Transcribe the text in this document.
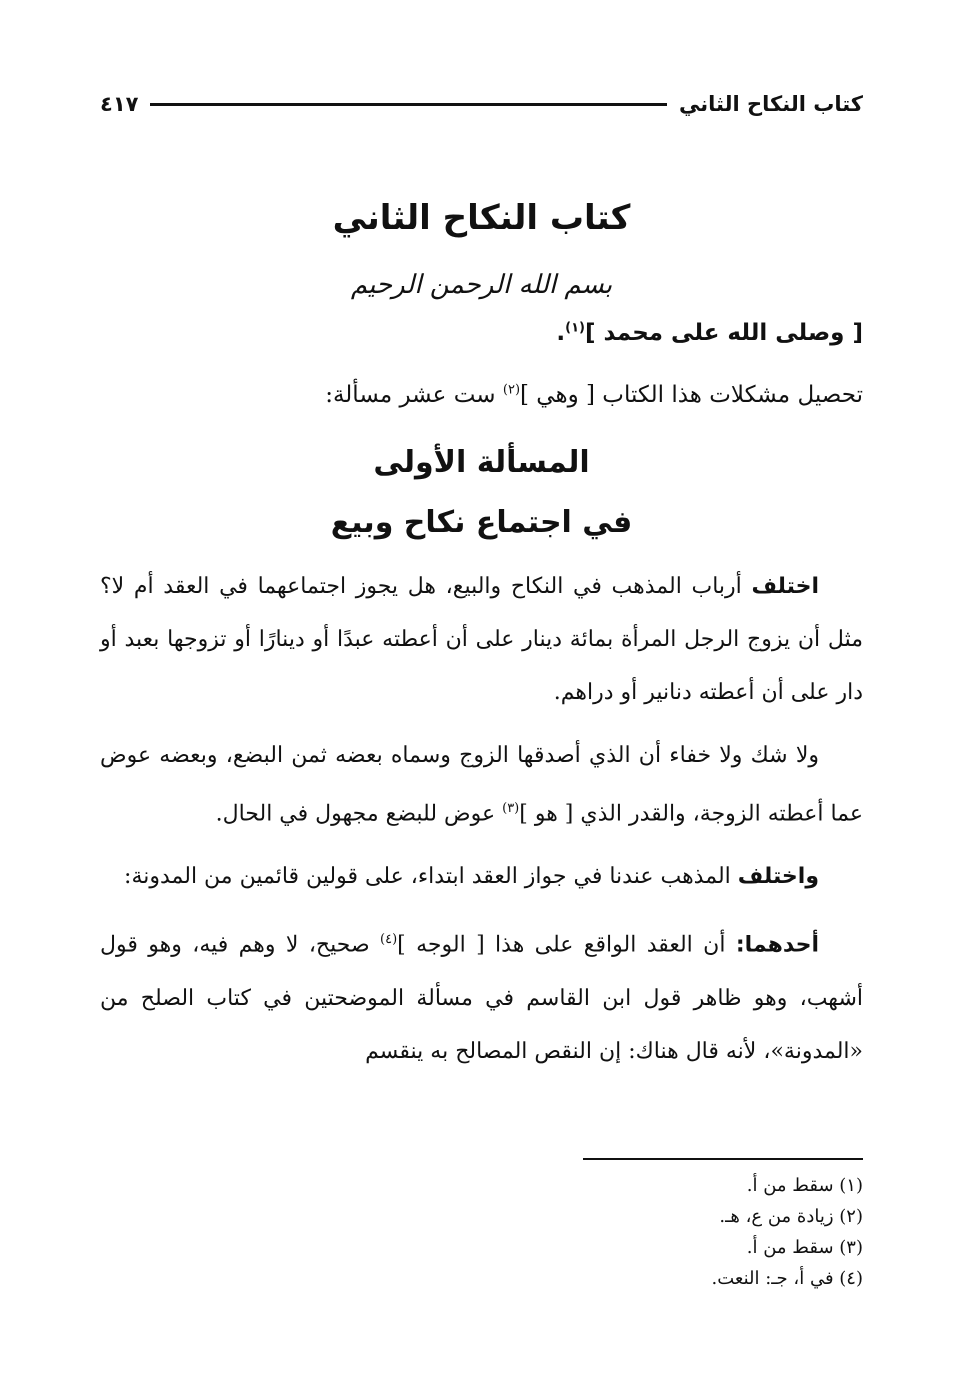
كتاب النكاح الثاني
٤١٧
كتاب النكاح الثاني
بسم الله الرحمن الرحيم
[ وصلى الله على محمد ]$^{(١)}$.
تحصيل مشكلات هذا الكتاب [ وهي ]$^{(٢)}$ ست عشر مسألة:
المسألة الأولى
في اجتماع نكاح وبيع

اختلف أرباب المذهب في النكاح والبيع، هل يجوز اجتماعهما في العقد أم لا؟ مثل أن يزوج الرجل المرأة بمائة دينار على أن أعطته عبدًا أو دينارًا أو تزوجها بعبد أو دار على أن أعطته دنانير أو دراهم.

ولا شك ولا خفاء أن الذي أصدقها الزوج وسماه بعضه ثمن البضع، وبعضه عوض عما أعطته الزوجة، والقدر الذي [ هو ]$^{(٣)}$ عوض للبضع مجهول في الحال.

واختلف المذهب عندنا في جواز العقد ابتداء، على قولين قائمين من المدونة:

أحدهما: أن العقد الواقع على هذا [ الوجه ]$^{(٤)}$ صحيح، لا وهم فيه، وهو قول أشهب، وهو ظاهر قول ابن القاسم في مسألة الموضحتين في كتاب الصلح من «المدونة»، لأنه قال هناك: إن النقص المصالح به ينقسم

(١) سقط من أ.
(٢) زيادة من ع، هـ.
(٣) سقط من أ.
(٤) في أ، جـ: النعت.
